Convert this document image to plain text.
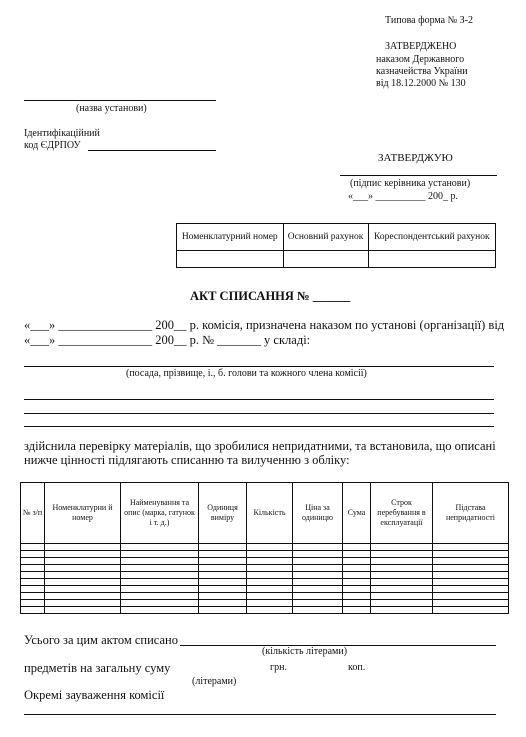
Типова форма № З-2
ЗАТВЕРДЖЕНО
наказом Державного
казначейства України
від 18.12.2000 № 130
(назва установи)
Ідентифікаційний
код ЄДРПОУ
ЗАТВЕРДЖУЮ
(підпис керівника установи)
«___» __________ 200_ р.
Номенклатурний номер	Основний рахунок	Кореспондентський рахунок

АКТ СПИСАННЯ № ______
«___» _______________ 200__ р. комісія, призначена наказом по установі (організації) від
«___» _______________ 200__ р. № _______ у складі:
(посада, прізвище, і., б. голови та кожного члена комісії)
здійснила перевірку матеріалів, що зробилися непридатними, та встановила, що описані
нижче цінності підлягають списанню та вилученню з обліку:
№ з/п	Номенклатурни й номер	Найменування та опис (марка, гатунок і т. д.)	Одиниця виміру	Кількість	Ціна за одиницю	Сума	Строк перебування в експлуатації	Підстава непридатності

Усього за цим актом списано
(кількість літерами)
предметів на загальну суму	грн.	коп.
(літерами)
Окремі зауваження комісії
